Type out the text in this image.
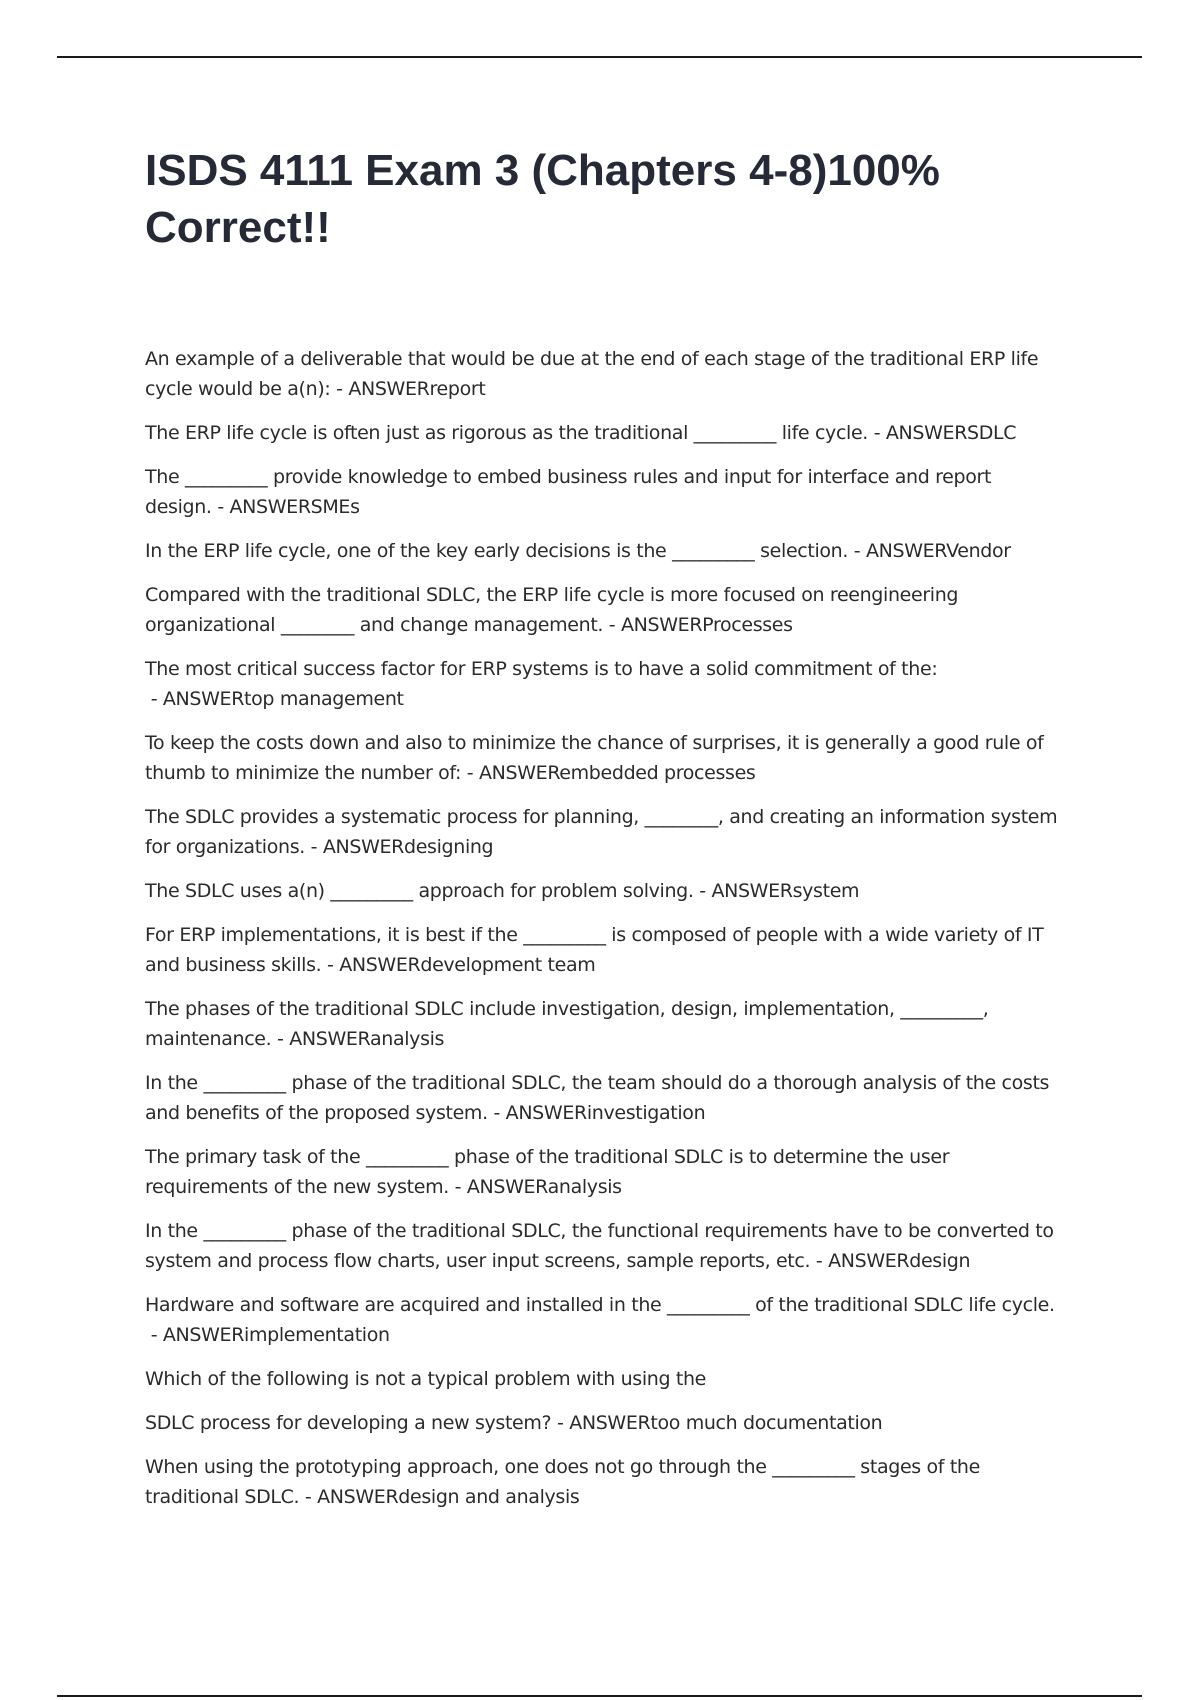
ISDS 4111 Exam 3 (Chapters 4-8)100% Correct!!

An example of a deliverable that would be due at the end of each stage of the traditional ERP life cycle would be a(n): - ANSWERreport

The ERP life cycle is often just as rigorous as the traditional _________ life cycle. - ANSWERSDLC

The _________ provide knowledge to embed business rules and input for interface and report design. - ANSWERSMEs

In the ERP life cycle, one of the key early decisions is the _________ selection. - ANSWERVendor

Compared with the traditional SDLC, the ERP life cycle is more focused on reengineering organizational ________ and change management. - ANSWERProcesses

The most critical success factor for ERP systems is to have a solid commitment of the: - ANSWERtop management

To keep the costs down and also to minimize the chance of surprises, it is generally a good rule of thumb to minimize the number of: - ANSWERembedded processes

The SDLC provides a systematic process for planning, ________, and creating an information system for organizations. - ANSWERdesigning

The SDLC uses a(n) _________ approach for problem solving. - ANSWERsystem

For ERP implementations, it is best if the _________ is composed of people with a wide variety of IT and business skills. - ANSWERdevelopment team

The phases of the traditional SDLC include investigation, design, implementation, _________, maintenance. - ANSWERanalysis

In the _________ phase of the traditional SDLC, the team should do a thorough analysis of the costs and benefits of the proposed system. - ANSWERinvestigation

The primary task of the _________ phase of the traditional SDLC is to determine the user requirements of the new system. - ANSWERanalysis

In the _________ phase of the traditional SDLC, the functional requirements have to be converted to system and process flow charts, user input screens, sample reports, etc. - ANSWERdesign

Hardware and software are acquired and installed in the _________ of the traditional SDLC life cycle. - ANSWERimplementation

Which of the following is not a typical problem with using the

SDLC process for developing a new system? - ANSWERtoo much documentation

When using the prototyping approach, one does not go through the _________ stages of the traditional SDLC. - ANSWERdesign and analysis
